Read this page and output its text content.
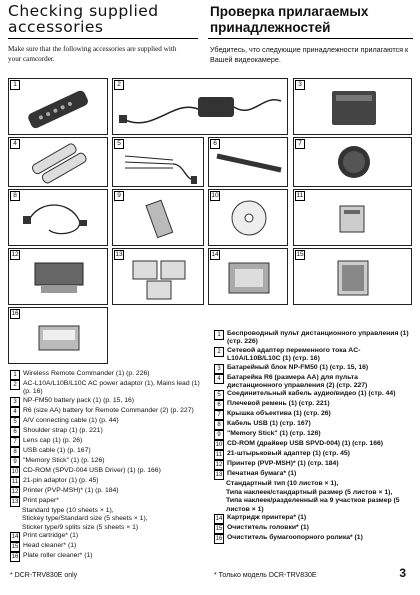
Checking supplied accessories
Проверка прилагаемых принадлежностей
Make sure that the following accessories are supplied with your camcorder.
Убедитесь, что следующие принадлежности прилагаются к Вашей видеокамере.
1	2	3
4	5	6	7
8	9	10	11
12	13	14	15
16
1 Wireless Remote Commander (1) (p. 226)
2 AC-L10A/L10B/L10C AC power adaptor (1), Mains lead (1) (p. 16)
3 NP-FM50 battery pack (1) (p. 15, 16)
4 R6 (size AA) battery for Remote Commander (2) (p. 227)
5 A/V connecting cable (1) (p. 44)
6 Shoulder strap (1) (p. 221)
7 Lens cap (1) (p. 26)
8 USB cable (1) (p. 167)
9 "Memory Stick" (1) (p. 126)
10 CD-ROM (SPVD-004 USB Driver) (1) (p. 166)
11 21-pin adaptor (1) (p. 45)
12 Printer (PVP-MSH)* (1) (p. 184)
13 Print paper*
Standard type (10 sheets × 1),
Stickey type/Standard size (5 sheets × 1),
Sticker type/9 splits size (5 sheets × 1)
14 Print cartridge* (1)
15 Head cleaner* (1)
16 Plate roller cleaner* (1)
1 Беспроводный пульт дистанционного управления (1) (стр. 226)
2 Сетевой адаптер переменного тока AC-L10A/L10B/L10C (1) (стр. 16)
3 Батарейный блок NP-FM50 (1) (стр. 15, 16)
4 Батарейка R6 (размера АА) для пульта дистанционного управления (2) (стр. 227)
5 Соединительный кабель аудио/видео (1) (стр. 44)
6 Плечевой ремень (1) (стр. 221)
7 Крышка объектива (1) (стр. 26)
8 Кабель USB (1) (стр. 167)
9 "Memory Stick" (1) (стр. 126)
10 CD-ROM (драйвер USB SPVD-004) (1) (стр. 166)
11 21-штырьковый адаптер (1) (стр. 45)
12 Принтер (PVP-MSH)* (1) (стр. 184)
13 Печатная бумага* (1)
Стандартный тип (10 листов × 1),
Типа наклеек/стандартный размер (5 листов × 1),
Типа наклеек/разделенный на 9 участков размер (5 листов × 1)
14 Картридж принтера* (1)
15 Очиститель головки* (1)
16 Очиститель бумагоопорного ролика* (1)
* DCR-TRV830E only	* Только модель DCR-TRV830E	3
